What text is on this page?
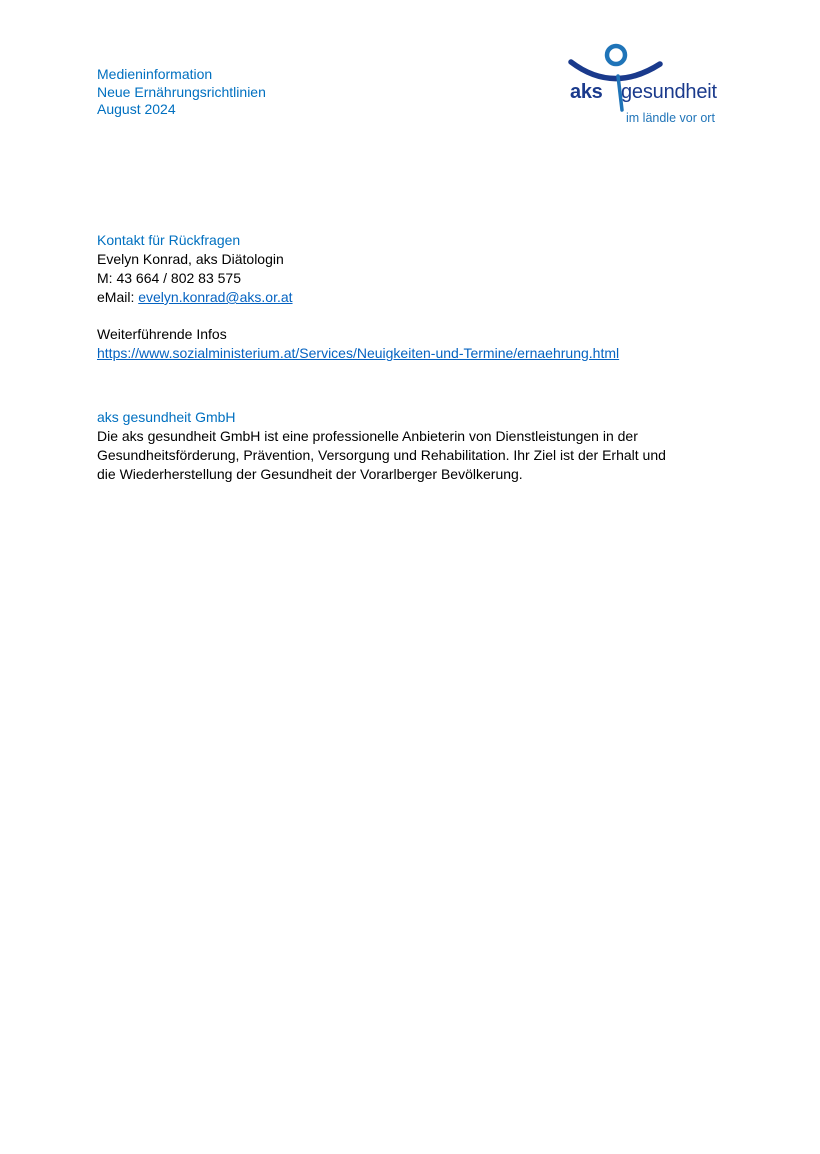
Medieninformation
Neue Ernährungsrichtlinien
August 2024
aks gesundheit
im ländle vor ort
Kontakt für Rückfragen
Evelyn Konrad, aks Diätologin
M: 43 664 / 802 83 575
eMail: evelyn.konrad@aks.or.at
Weiterführende Infos
https://www.sozialministerium.at/Services/Neuigkeiten-und-Termine/ernaehrung.html
aks gesundheit GmbH
Die aks gesundheit GmbH ist eine professionelle Anbieterin von Dienstleistungen in der
Gesundheitsförderung, Prävention, Versorgung und Rehabilitation. Ihr Ziel ist der Erhalt und
die Wiederherstellung der Gesundheit der Vorarlberger Bevölkerung.
